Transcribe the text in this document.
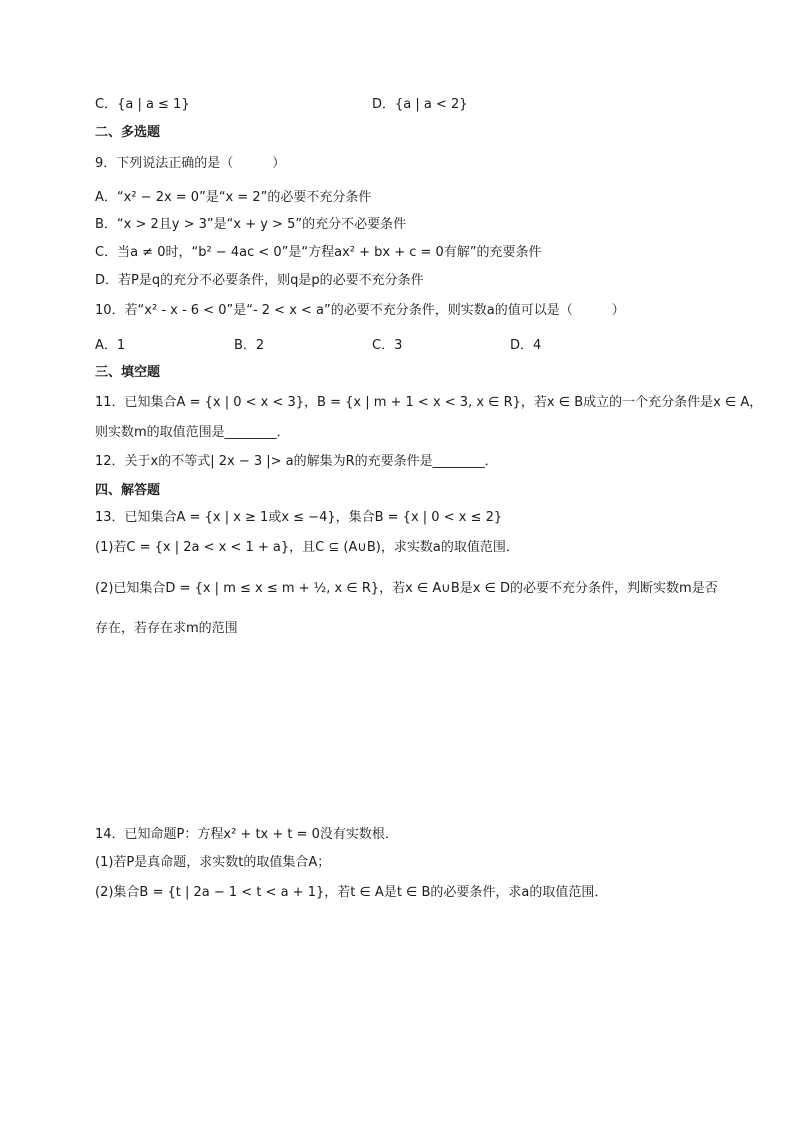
C．{a | a ≤ 1}	D．{a | a < 2}
二、多选题
9．下列说法正确的是（　　　）
A．“x² − 2x = 0”是“x = 2”的必要不充分条件
B．“x > 2且y > 3”是“x + y > 5”的充分不必要条件
C．当a ≠ 0时，“b² − 4ac < 0”是“方程ax² + bx + c = 0有解”的充要条件
D．若P是q的充分不必要条件，则q是p的必要不充分条件
10．若“x² - x - 6 < 0”是“- 2 < x < a”的必要不充分条件，则实数a的值可以是（　　　）
A．1	B．2	C．3	D．4
三、填空题
11．已知集合A = {x | 0 < x < 3}，B = {x | m + 1 < x < 3, x ∈ R}，若x ∈ B成立的一个充分条件是x ∈ A，
则实数m的取值范围是________．
12．关于x的不等式| 2x − 3 |> a的解集为R的充要条件是________．
四、解答题
13．已知集合A = {x | x ≥ 1或x ≤ −4}，集合B = {x | 0 < x ≤ 2}
(1)若C = {x | 2a < x < 1 + a}，且C ⊆ (A∪B)，求实数a的取值范围．
(2)已知集合D = {x | m ≤ x ≤ m + ½, x ∈ R}，若x ∈ A∪B是x ∈ D的必要不充分条件，判断实数m是否
存在，若存在求m的范围
14．已知命题P：方程x² + tx + t = 0没有实数根．
(1)若P是真命题，求实数t的取值集合A；
(2)集合B = {t | 2a − 1 < t < a + 1}，若t ∈ A是t ∈ B的必要条件，求a的取值范围．
